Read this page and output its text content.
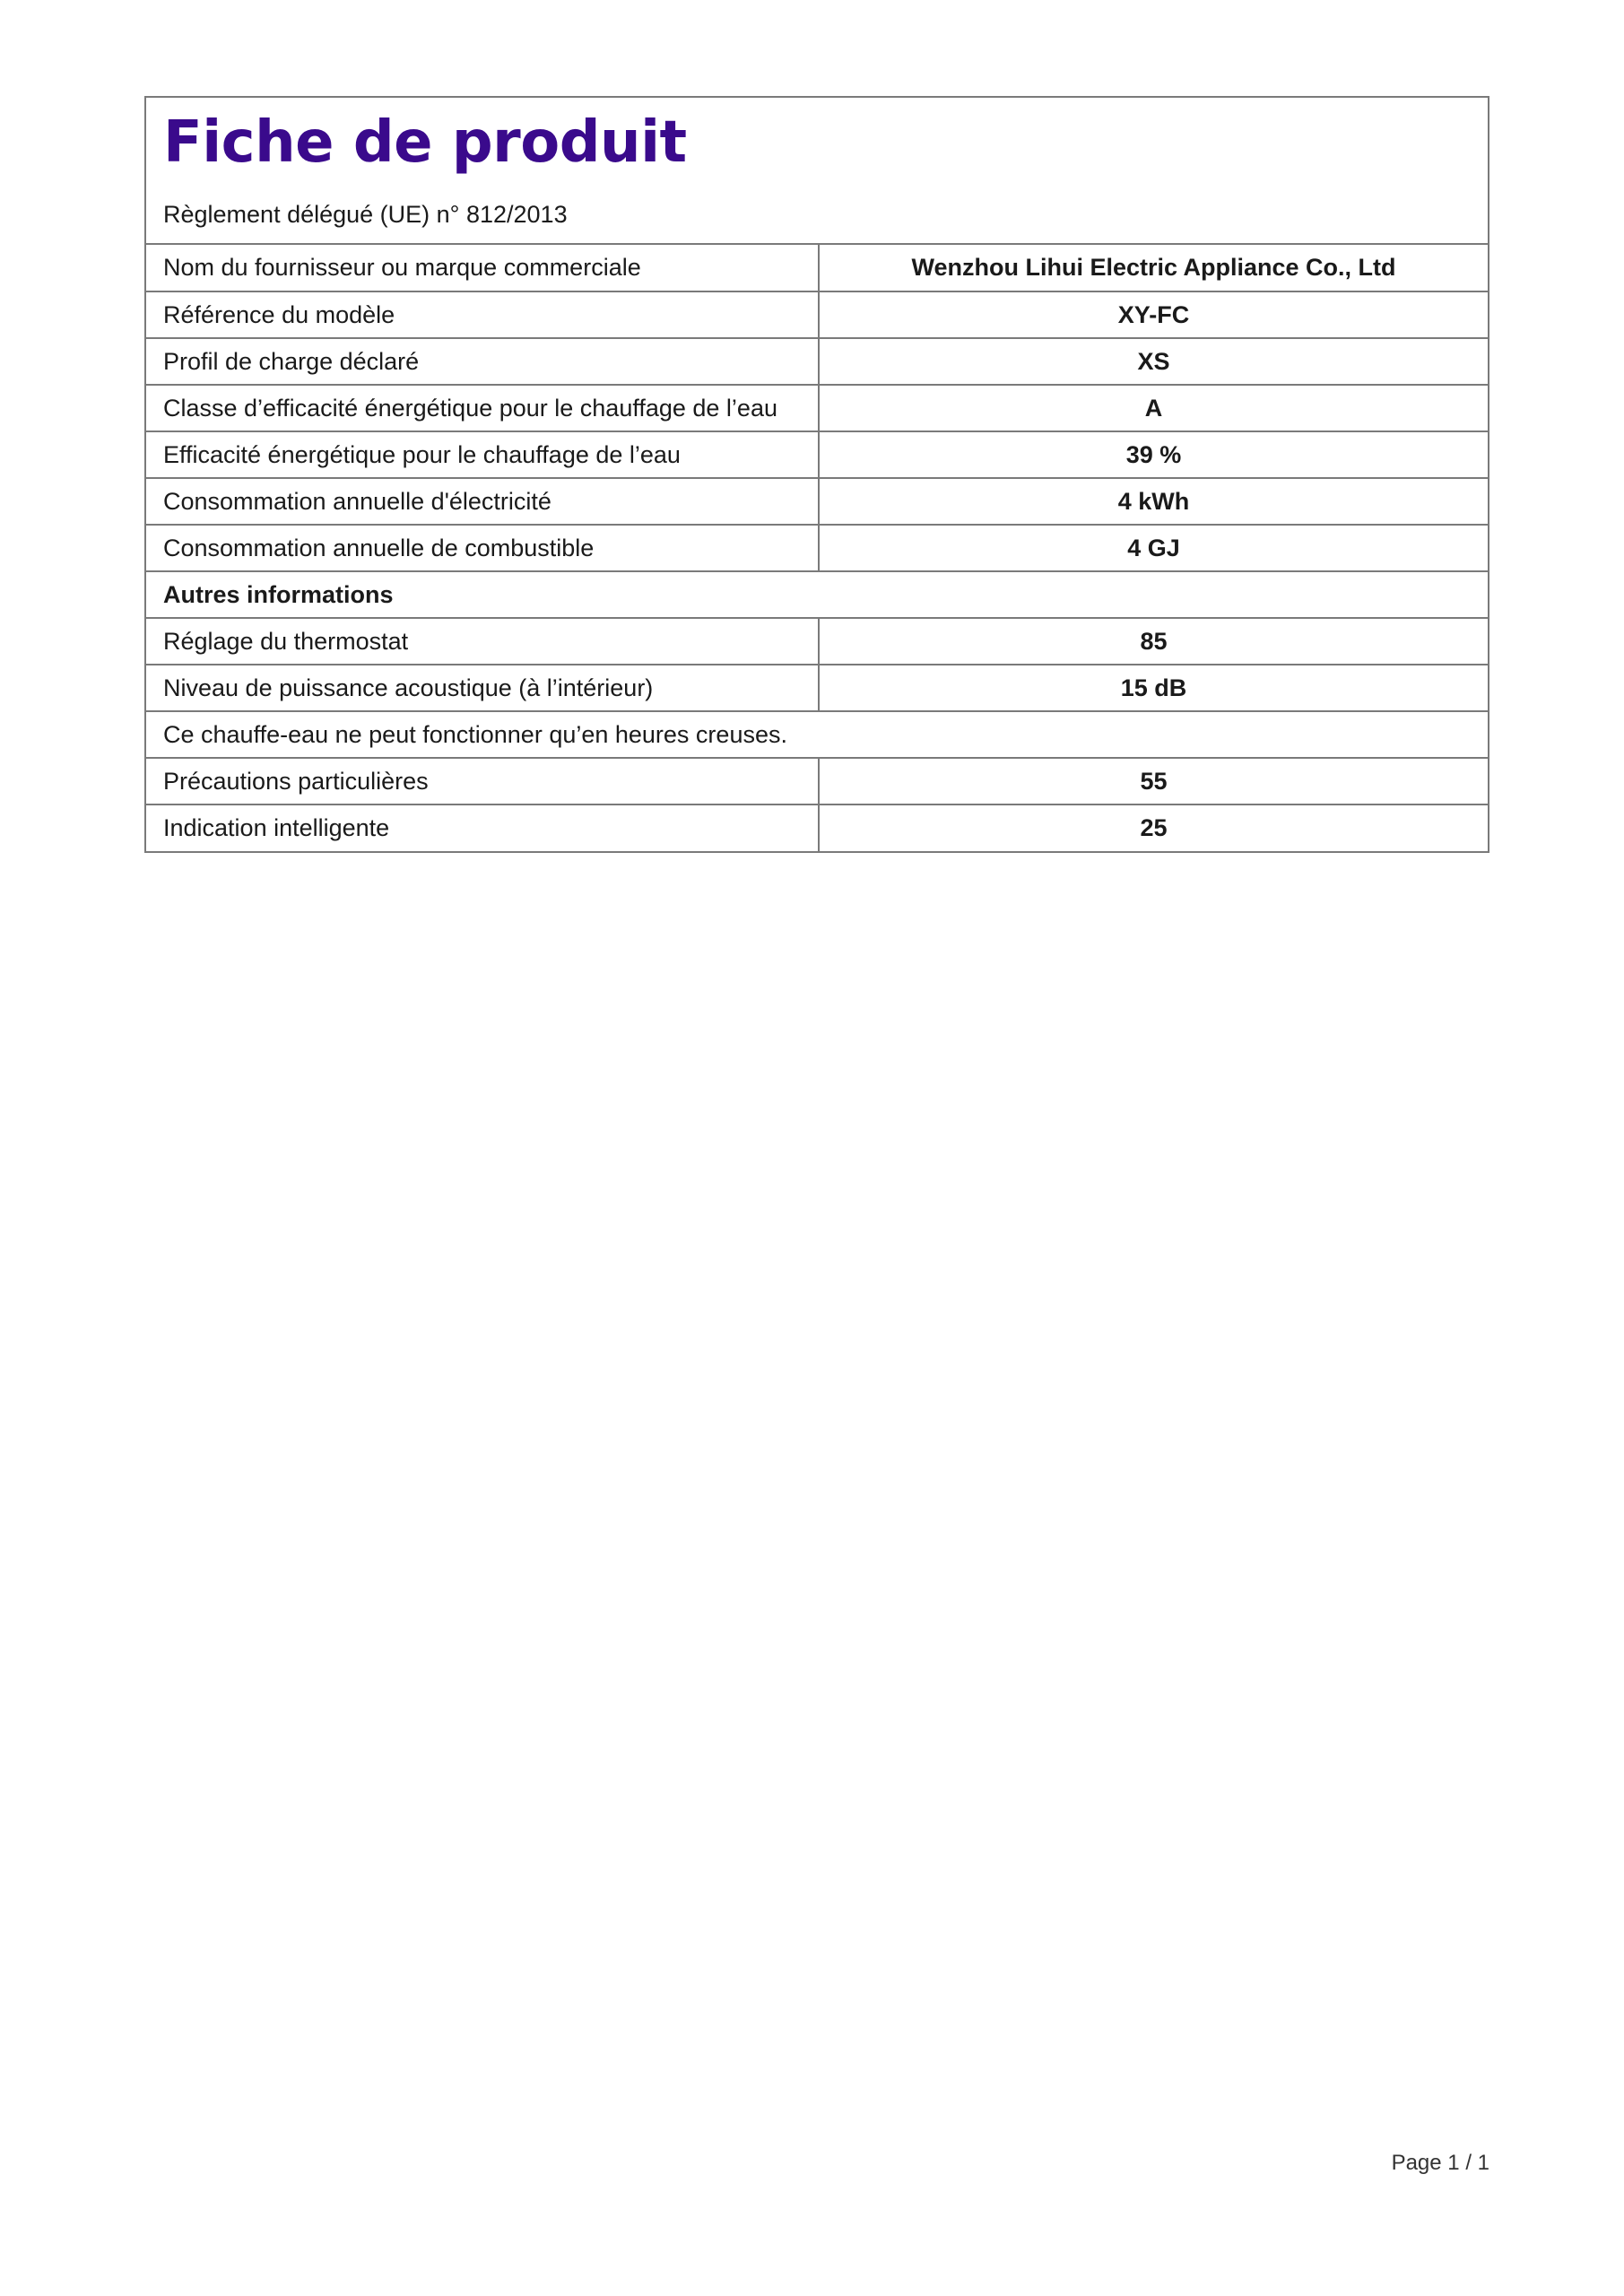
Fiche de produit
Règlement délégué (UE) n° 812/2013
Nom du fournisseur ou marque commerciale	Wenzhou Lihui Electric Appliance Co., Ltd
Référence du modèle	XY-FC
Profil de charge déclaré	XS
Classe d’efficacité énergétique pour le chauffage de l’eau	A
Efficacité énergétique pour le chauffage de l’eau	39 %
Consommation annuelle d'électricité	4 kWh
Consommation annuelle de combustible	4 GJ
Autres informations	
Réglage du thermostat	85
Niveau de puissance acoustique (à l’intérieur)	15 dB
Ce chauffe-eau ne peut fonctionner qu’en heures creuses.	
Précautions particulières	55
Indication intelligente	25
Page 1 / 1
